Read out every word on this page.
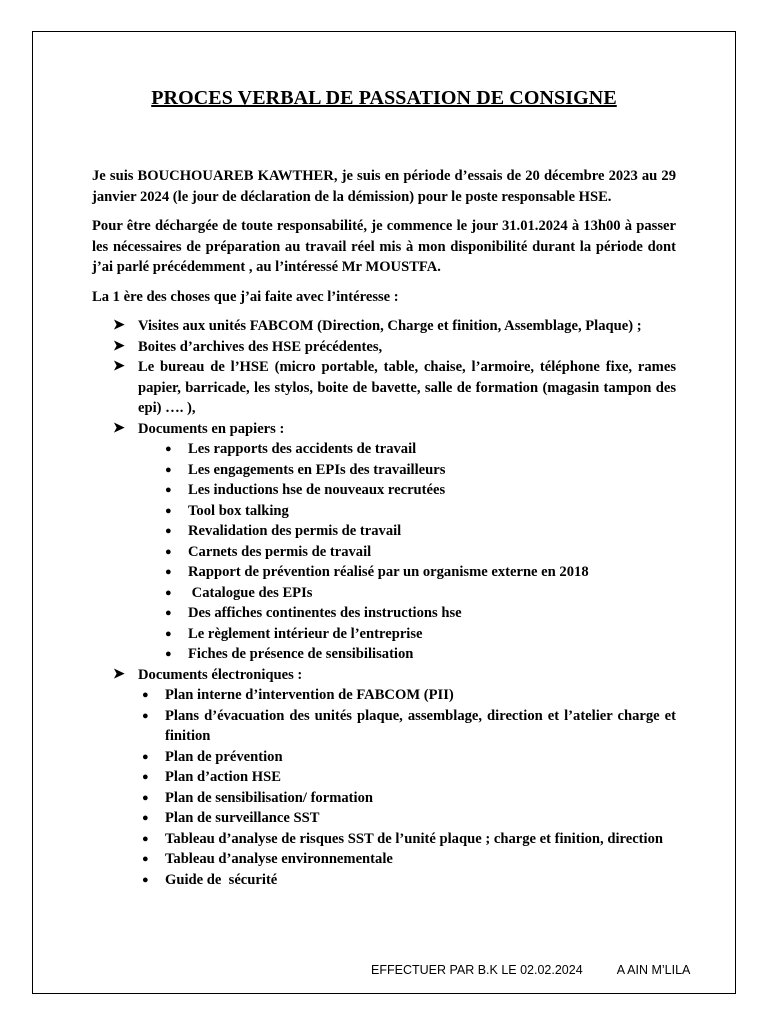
PROCES VERBAL DE PASSATION DE CONSIGNE

Je suis BOUCHOUAREB KAWTHER, je suis en période d’essais de 20 décembre 2023 au 29 janvier 2024 (le jour de déclaration de la démission) pour le poste responsable HSE.

Pour être déchargée de toute responsabilité, je commence le jour 31.01.2024 à 13h00 à passer les nécessaires de préparation au travail réel mis à mon disponibilité durant la période dont j’ai parlé précédemment , au l’intéressé Mr MOUSTFA.

La 1 ère des choses que j’ai faite avec l’intéresse :

➤ Visites aux unités FABCOM (Direction, Charge et finition, Assemblage, Plaque) ;
➤ Boites d’archives des HSE précédentes,
➤ Le bureau de l’HSE (micro portable, table, chaise, l’armoire, téléphone fixe, rames papier, barricade, les stylos, boite de bavette, salle de formation (magasin tampon des epi) …. ),
➤ Documents en papiers :
● Les rapports des accidents de travail
● Les engagements en EPIs des travailleurs
● Les inductions hse de nouveaux recrutées
● Tool box talking
● Revalidation des permis de travail
● Carnets des permis de travail
● Rapport de prévention réalisé par un organisme externe en 2018
● Catalogue des EPIs
● Des affiches continentes des instructions hse
● Le règlement intérieur de l’entreprise
● Fiches de présence de sensibilisation
➤ Documents électroniques :
● Plan interne d’intervention de FABCOM (PII)
● Plans d’évacuation des unités plaque, assemblage, direction et l’atelier charge et finition
● Plan de prévention
● Plan d’action HSE
● Plan de sensibilisation/ formation
● Plan de surveillance SST
● Tableau d’analyse de risques SST de l’unité plaque ; charge et finition, direction
● Tableau d’analyse environnementale
● Guide de  sécurité
EFFECTUER PAR B.K LE 02.02.2024	A AIN M’LILA
